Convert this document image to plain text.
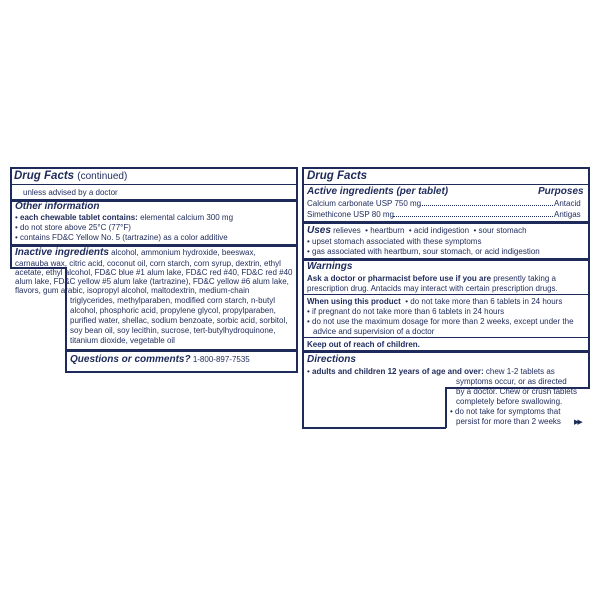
Drug Facts (continued)
unless advised by a doctor
Other information
• each chewable tablet contains: elemental calcium 300 mg
• do not store above 25°C (77°F)
• contains FD&C Yellow No. 5 (tartrazine) as a color additive
Inactive ingredients alcohol, ammonium hydroxide, beeswax,
carnauba wax, citric acid, coconut oil, corn starch, corn syrup, dextrin, ethyl
acetate, ethyl alcohol, FD&C blue #1 alum lake, FD&C red #40, FD&C red #40
alum lake, FD&C yellow #5 alum lake (tartrazine), FD&C yellow #6 alum lake,
flavors, gum arabic, isopropyl alcohol, maltodextrin, medium-chain
triglycerides, methylparaben, modified corn starch, n-butyl
alcohol, phosphoric acid, propylene glycol, propylparaben,
purified water, shellac, sodium benzoate, sorbic acid, sorbitol,
soy bean oil, soy lecithin, sucrose, tert-butylhydroquinone,
titanium dioxide, vegetable oil
Questions or comments? 1-800-897-7535
Drug Facts
Active ingredients (per tablet)	Purposes
Calcium carbonate USP 750 mg	Antacid
Simethicone USP 80 mg	Antigas
Uses relieves  • heartburn  • acid indigestion  • sour stomach
• upset stomach associated with these symptoms
• gas associated with heartburn, sour stomach, or acid indigestion
Warnings
Ask a doctor or pharmacist before use if you are presently taking a
prescription drug. Antacids may interact with certain prescription drugs.
When using this product  • do not take more than 6 tablets in 24 hours
• if pregnant do not take more than 6 tablets in 24 hours
• do not use the maximum dosage for more than 2 weeks, except under the
advice and supervision of a doctor
Keep out of reach of children.
Directions
• adults and children 12 years of age and over: chew 1-2 tablets as
symptoms occur, or as directed
by a doctor. Chew or crush tablets
completely before swallowing.
• do not take for symptoms that
persist for more than 2 weeks ▶▶
